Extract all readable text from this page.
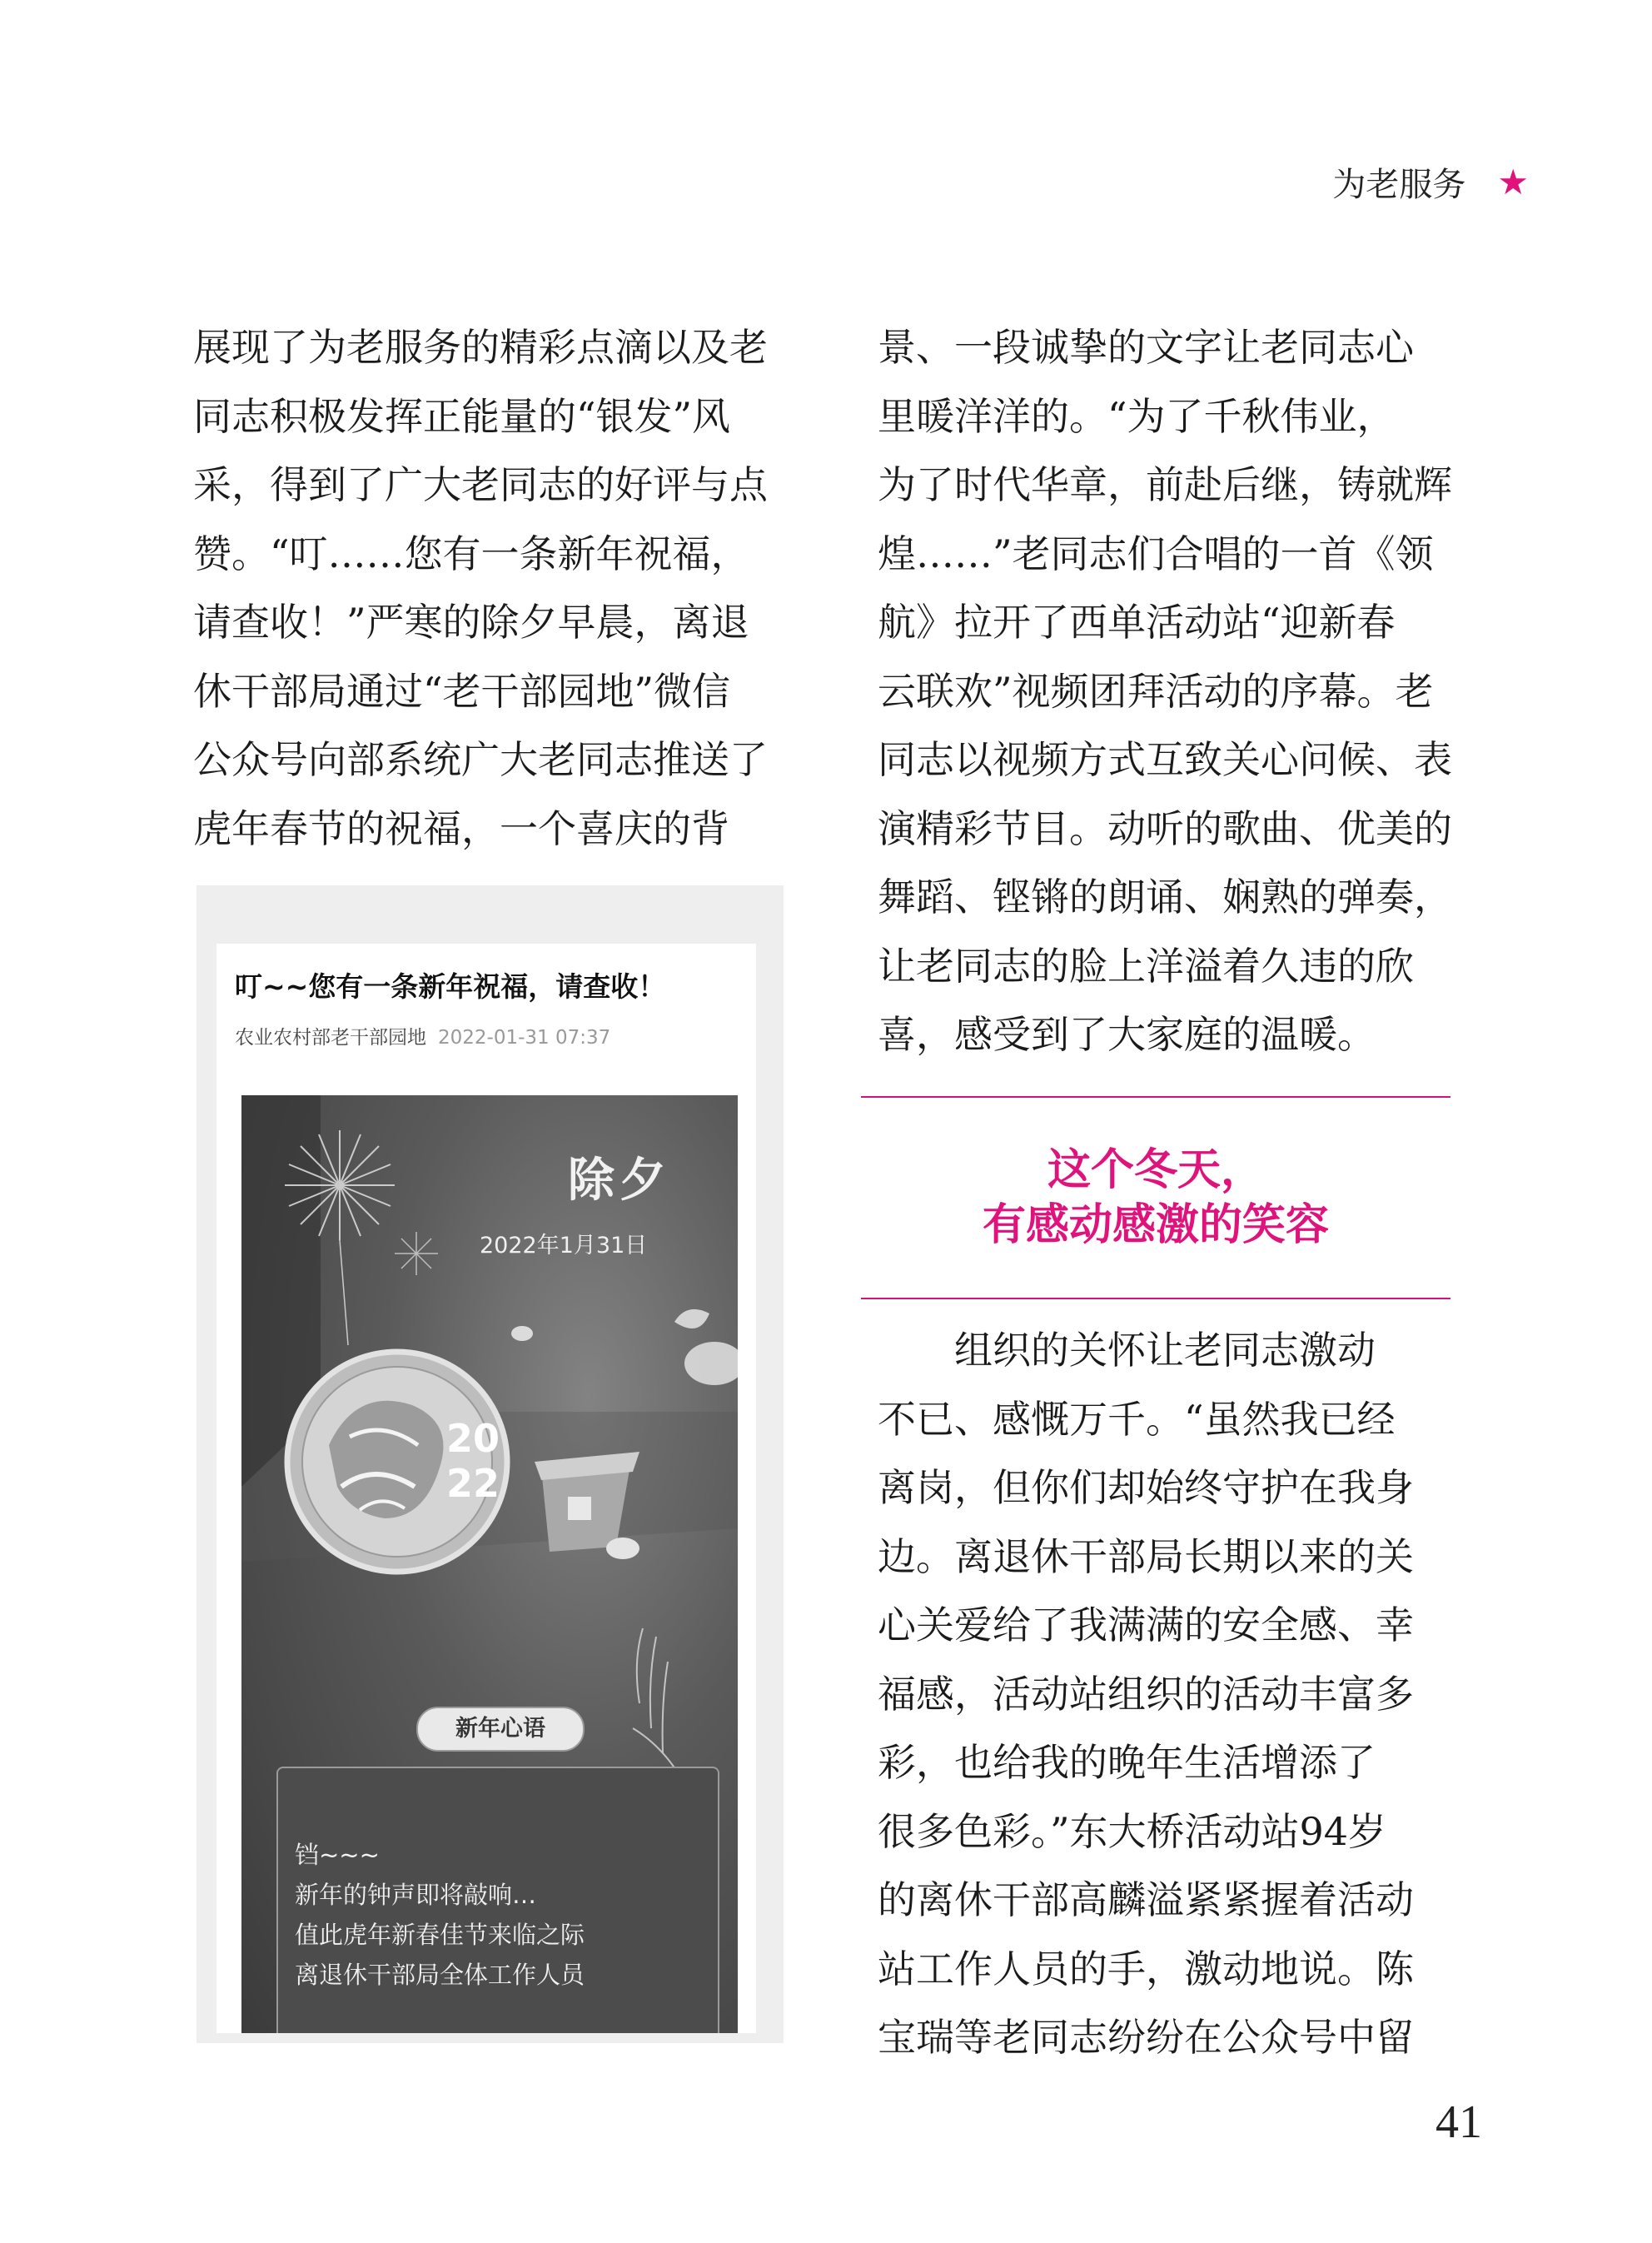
为老服务 ★

展现了为老服务的精彩点滴以及老

同志积极发挥正能量的“银发”风

采，得到了广大老同志的好评与点

赞。“叮……您有一条新年祝福，

请查收！”严寒的除夕早晨，离退

休干部局通过“老干部园地”微信

公众号向部系统广大老同志推送了

虎年春节的祝福，一个喜庆的背

叮~~您有一条新年祝福，请查收！
农业农村部老干部园地 2022-01-31 07:37
20
22
除夕
2022年1月31日
新年心语
铛~~~
新年的钟声即将敲响…
值此虎年新春佳节来临之际
离退休干部局全体工作人员

景、一段诚挚的文字让老同志心

里暖洋洋的。“为了千秋伟业，

为了时代华章，前赴后继，铸就辉

煌……”老同志们合唱的一首《领

航》拉开了西单活动站“迎新春

云联欢”视频团拜活动的序幕。老

同志以视频方式互致关心问候、表

演精彩节目。动听的歌曲、优美的

舞蹈、铿锵的朗诵、娴熟的弹奏，

让老同志的脸上洋溢着久违的欣

喜，感受到了大家庭的温暖。

这个冬天，
有感动感激的笑容

组织的关怀让老同志激动

不已、感慨万千。“虽然我已经

离岗，但你们却始终守护在我身

边。离退休干部局长期以来的关

心关爱给了我满满的安全感、幸

福感，活动站组织的活动丰富多

彩，也给我的晚年生活增添了

很多色彩。”东大桥活动站94岁

的离休干部高麟溢紧紧握着活动

站工作人员的手，激动地说。陈

宝瑞等老同志纷纷在公众号中留

41
